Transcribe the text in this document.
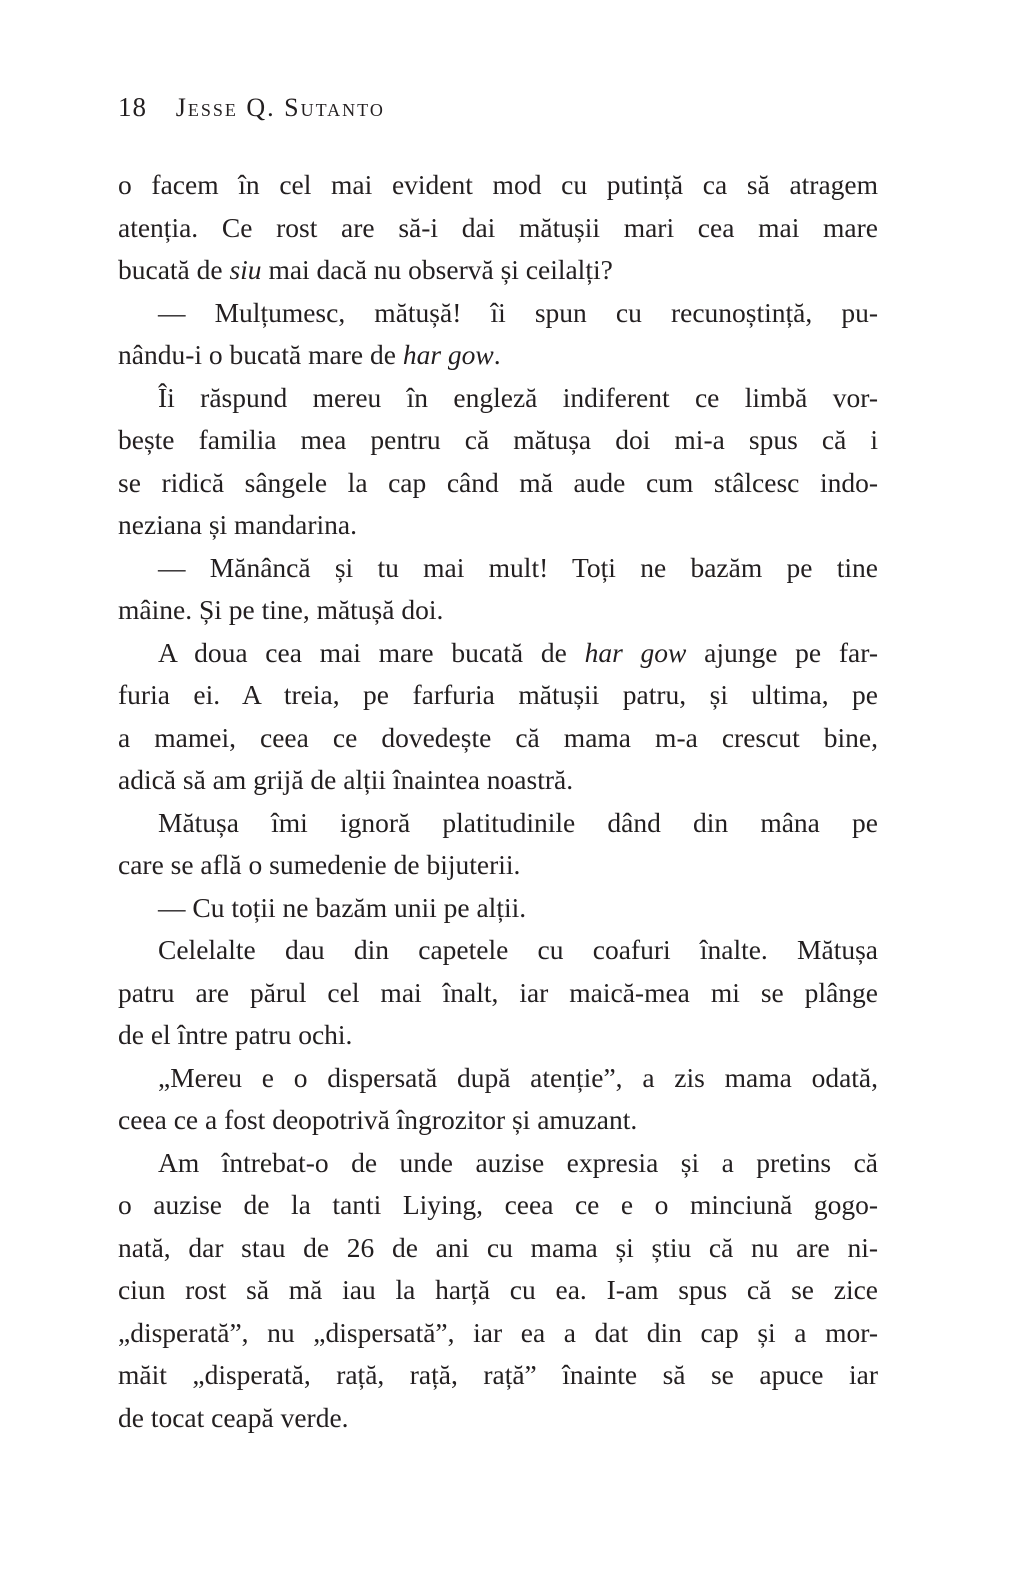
18 Jesse Q. Sutanto
o facem în cel mai evident mod cu putință ca să atragem
atenția. Ce rost are să-i dai mătușii mari cea mai mare
bucată de siu mai dacă nu observă și ceilalți?
— Mulțumesc, mătușă! îi spun cu recunoștință, pu-
nându-i o bucată mare de har gow.
Îi răspund mereu în engleză indiferent ce limbă vor-
bește familia mea pentru că mătușa doi mi-a spus că i
se ridică sângele la cap când mă aude cum stâlcesc indo-
neziana și mandarina.
— Mănâncă și tu mai mult! Toți ne bazăm pe tine
mâine. Și pe tine, mătușă doi.
A doua cea mai mare bucată de har gow ajunge pe far-
furia ei. A treia, pe farfuria mătușii patru, și ultima, pe
a mamei, ceea ce dovedește că mama m-a crescut bine,
adică să am grijă de alții înaintea noastră.
Mătușa îmi ignoră platitudinile dând din mâna pe
care se află o sumedenie de bijuterii.
— Cu toții ne bazăm unii pe alții.
Celelalte dau din capetele cu coafuri înalte. Mătușa
patru are părul cel mai înalt, iar maică-mea mi se plânge
de el între patru ochi.
„Mereu e o dispersată după atenție”, a zis mama odată,
ceea ce a fost deopotrivă îngrozitor și amuzant.
Am întrebat-o de unde auzise expresia și a pretins că
o auzise de la tanti Liying, ceea ce e o minciună gogo-
nată, dar stau de 26 de ani cu mama și știu că nu are ni-
ciun rost să mă iau la harță cu ea. I-am spus că se zice
„disperată”, nu „dispersată”, iar ea a dat din cap și a mor-
măit „disperată, rață, rață, rață” înainte să se apuce iar
de tocat ceapă verde.
